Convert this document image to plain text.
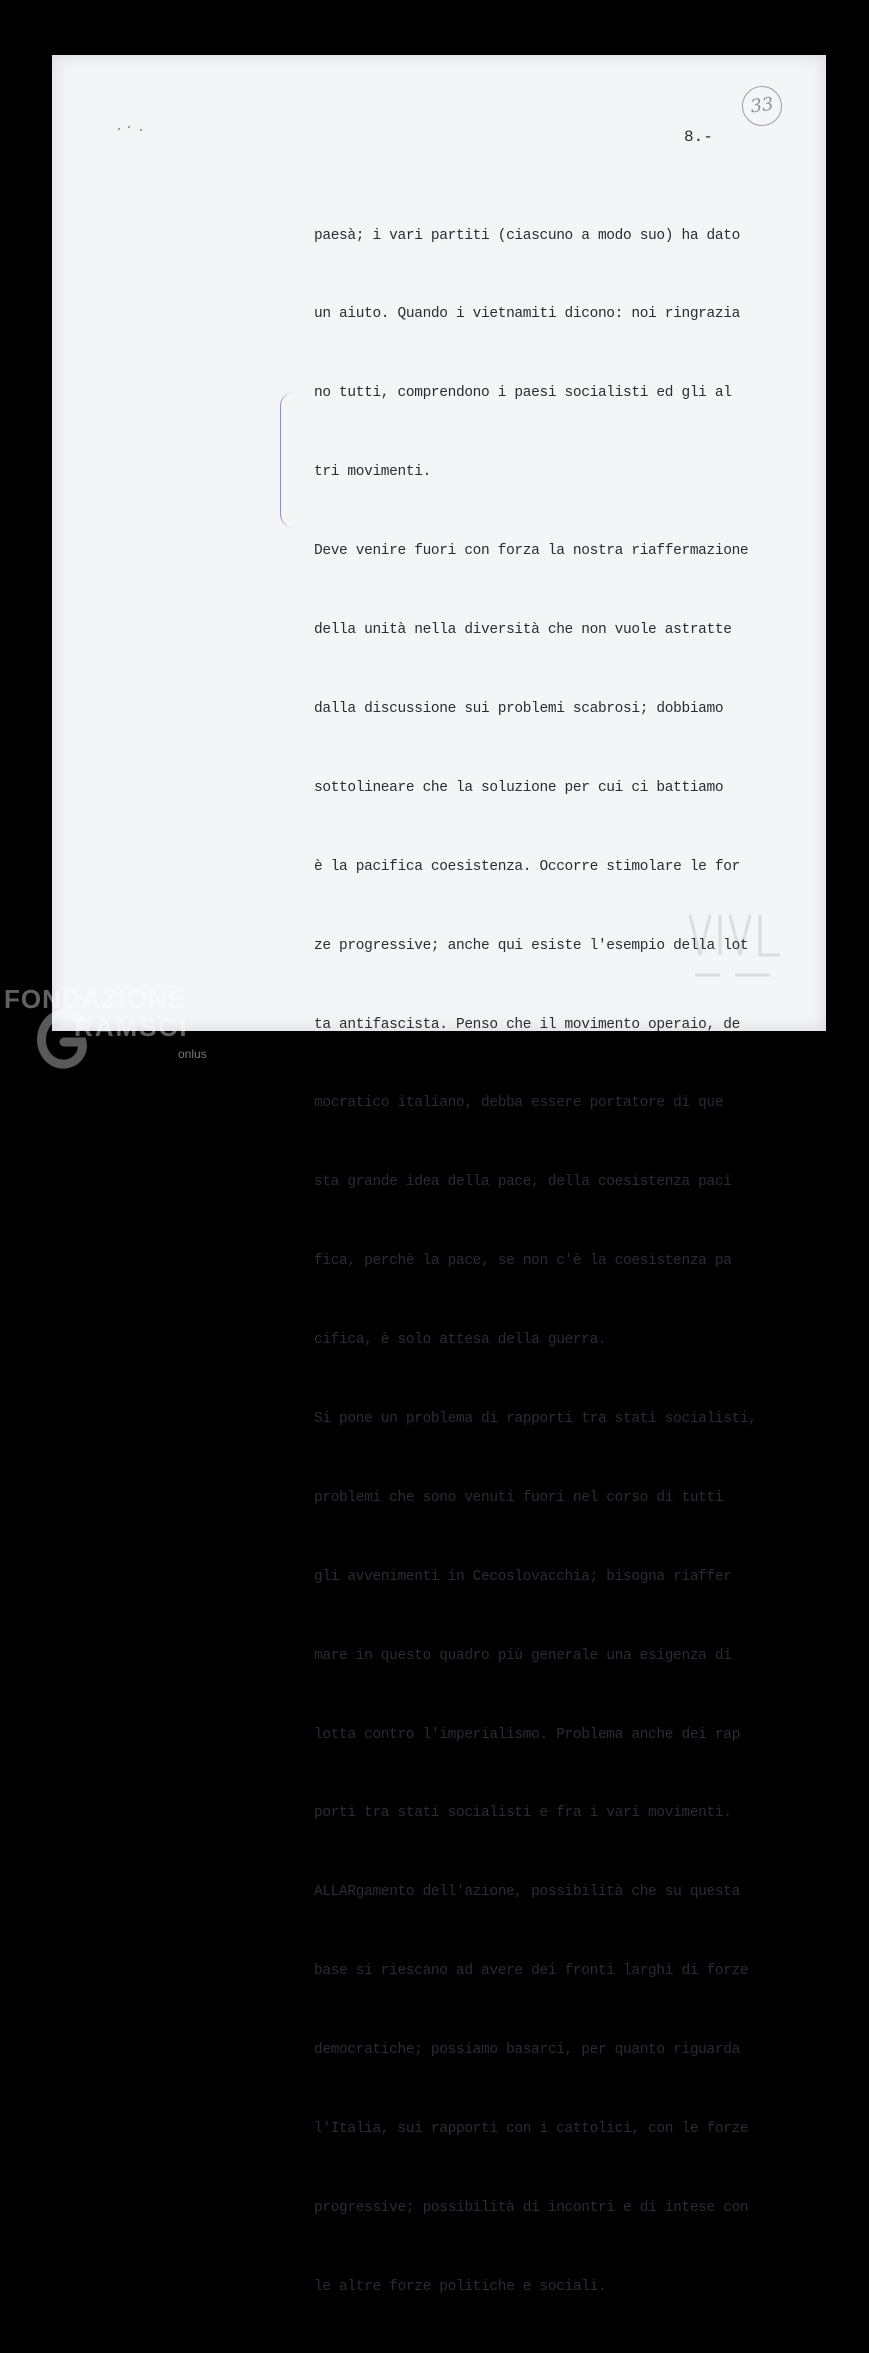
33
8.-

paesà; i vari partiti (ciascuno a modo suo) ha dato

un aiuto. Quando i vietnamiti dicono: noi ringrazia

no tutti, comprendono i paesi socialisti ed gli al

tri movimenti.

Deve venire fuori con forza la nostra riaffermazione

della unità nella diversità che non vuole astratte

dalla discussione sui problemi scabrosi; dobbiamo

sottolineare che la soluzione per cui ci battiamo

è la pacifica coesistenza. Occorre stimolare le for

ze progressive; anche qui esiste l'esempio della lot

ta antifascista. Penso che il movimento operaio, de

mocratico italiano, debba essere portatore di que

sta grande idea della pace, della coesistenza paci

fica, perchè la pace, se non c'è la coesistenza pa

cifica, è solo attesa della guerra.

Si pone un problema di rapporti tra stati socialisti,

problemi che sono venuti fuori nel corso di tutti

gli avvenimenti in Cecoslovacchia; bisogna riaffer

mare in questo quadro più generale una esigenza di

lotta contro l'imperialismo. Problema anche dei rap

porti tra stati socialisti e fra i vari movimenti.

ALLARgamento dell'azione, possibilità che su questa

base si riescano ad avere dei fronti larghi di forze

democratiche; possiamo basarci, per quanto riguarda

l'Italia, sui rapporti con i cattolici, con le forze

progressive; possibilità di incontri e di intese con

le altre forze politiche e sociali.

FONDAZIONE
RAMSCI
onlus
